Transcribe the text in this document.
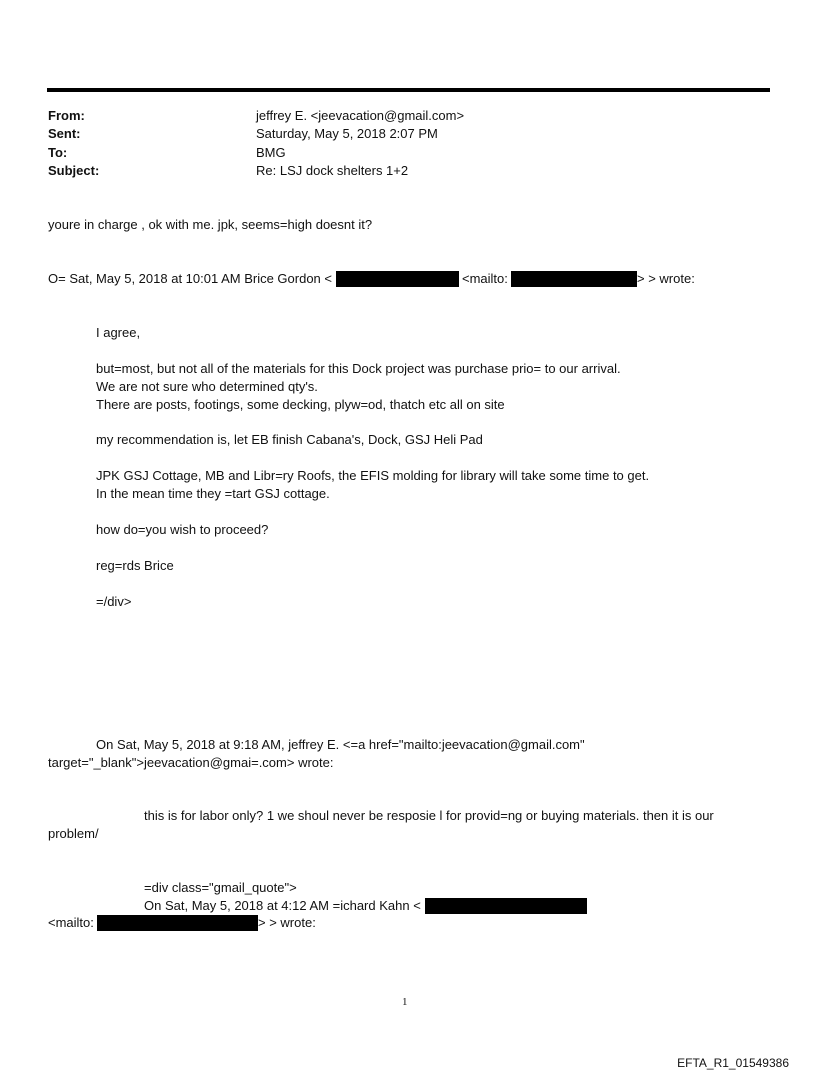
From:	jeffrey E. <jeevacation@gmail.com>
Sent:	Saturday, May 5, 2018 2:07 PM
To:	BMG
Subject:	Re: LSJ dock shelters 1+2
youre in charge , ok with me. jpk, seems=high doesnt it?
O= Sat, May 5, 2018 at 10:01 AM Brice Gordon <	<mailto:	> > wrote:
I agree,
but=most, but not all of the materials for this Dock project was purchase prio= to our arrival.
We are not sure who determined qty's.
There are posts, footings, some decking, plyw=od, thatch etc all on site
my recommendation is, let EB finish Cabana's, Dock, GSJ Heli Pad
JPK GSJ Cottage, MB and Libr=ry Roofs, the EFIS molding for library will take some time to get.
In the mean time they =tart GSJ cottage.
how do=you wish to proceed?
reg=rds Brice
=/div>
On Sat, May 5, 2018 at 9:18 AM, jeffrey E. <=a href="mailto:jeevacation@gmail.com"
target="_blank">jeevacation@gmai=.com> wrote:
this is for labor only? 1 we shoul never be resposie l for provid=ng or buying materials. then it is our
problem/
=div class="gmail_quote">
On Sat, May 5, 2018 at 4:12 AM =ichard Kahn <
<mailto:	> > wrote:
1
EFTA_R1_01549386
